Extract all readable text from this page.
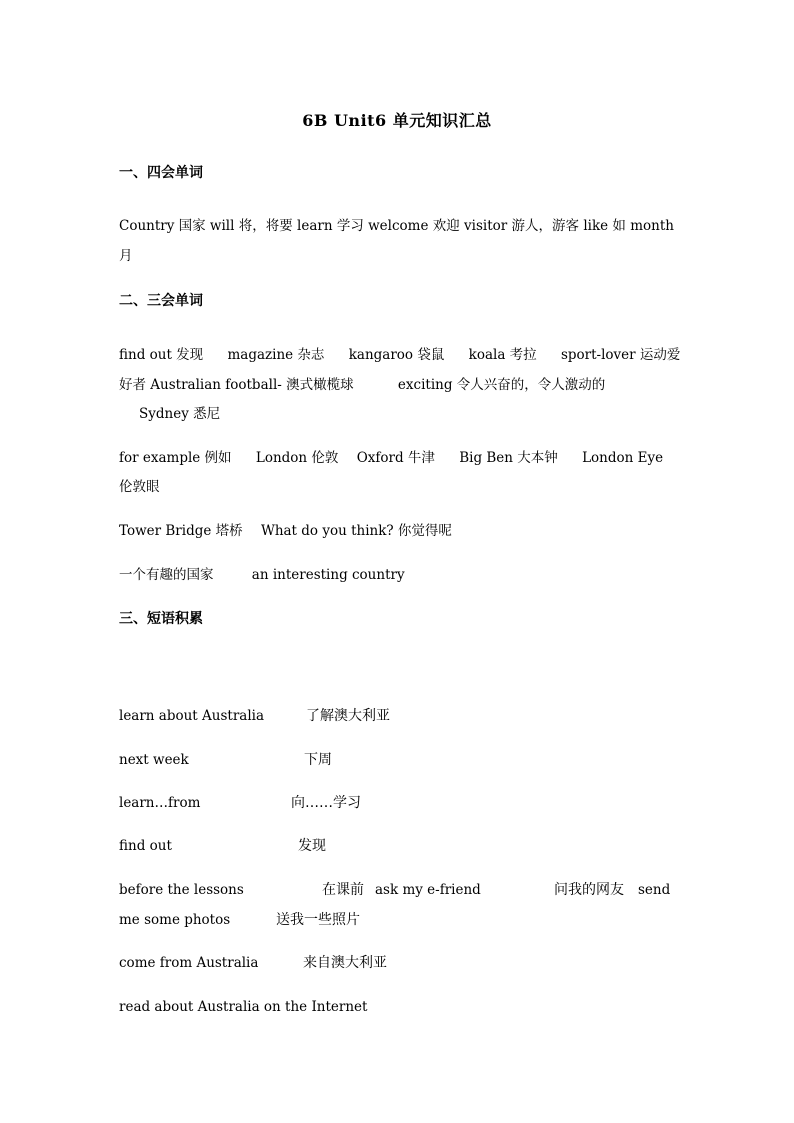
6B Unit6 单元知识汇总
一、四会单词
Country 国家 will 将，将要 learn 学习 welcome 欢迎 visitor 游人，游客 like 如 month
月
二、三会单词
find out 发现 magazine 杂志 kangaroo 袋鼠 koala 考拉 sport-lover 运动爱
好者 Australian football- 澳式橄榄球	exciting 令人兴奋的，令人激动的
Sydney 悉尼
for example 例如 London 伦敦 Oxford 牛津 Big Ben 大本钟 London Eye
伦敦眼
Tower Bridge 塔桥 What do you think? 你觉得呢
一个有趣的国家	an interesting country
三、短语积累
learn about Australia	了解澳大利亚
next week	下周
learn…from	向……学习
find out	发现
before the lessons	在课前 ask my e-friend	问我的网友 send
me some photos	送我一些照片
come from Australia	来自澳大利亚
read about Australia on the Internet
